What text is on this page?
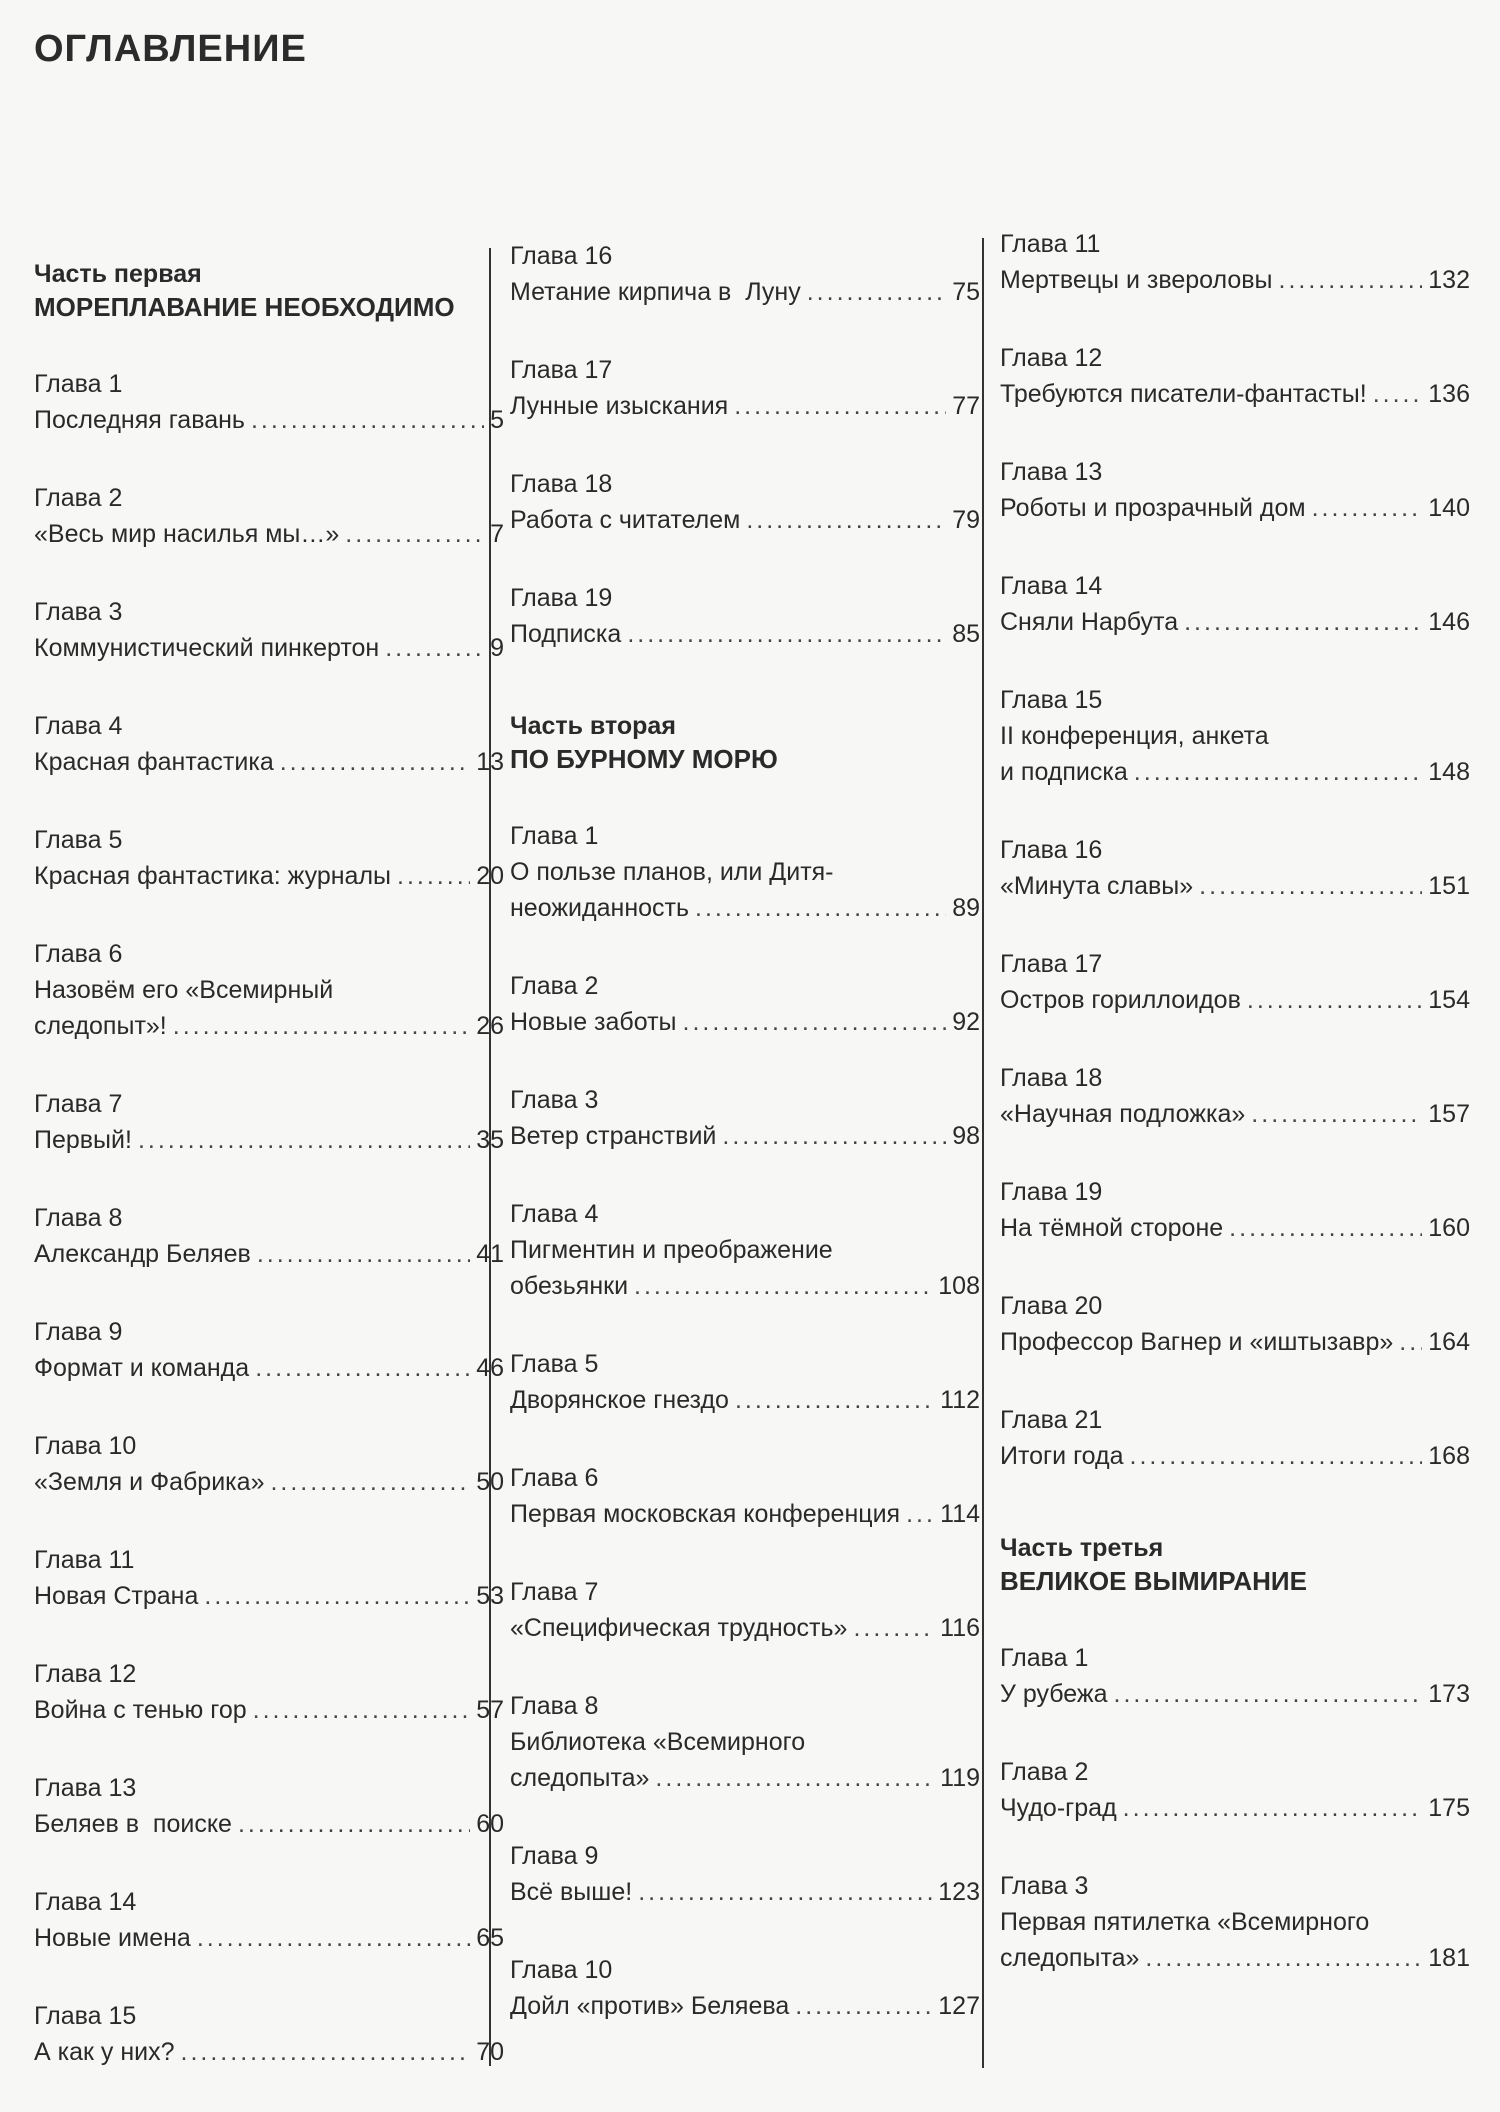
ОГЛАВЛЕНИЕ
Часть первая
МОРЕПЛАВАНИЕ НЕОБХОДИМО
Глава 1
Последняя гавань .....	5
Глава 2
«Весь мир насилья мы…» .....	7
Глава 3
Коммунистический пинкертон .....	9
Глава 4
Красная фантастика .....	13
Глава 5
Красная фантастика: журналы .....	20
Глава 6
Назовём его «Всемирный
следопыт»! .....	26
Глава 7
Первый! .....	35
Глава 8
Александр Беляев .....	41
Глава 9
Формат и команда .....	46
Глава 10
«Земля и Фабрика» .....	50
Глава 11
Новая Страна .....	53
Глава 12
Война с тенью гор .....	57
Глава 13
Беляев в  поиске .....	60
Глава 14
Новые имена .....	65
Глава 15
А как у них? .....	70
Глава 16
Метание кирпича в  Луну .....	75
Глава 17
Лунные изыскания .....	77
Глава 18
Работа с читателем .....	79
Глава 19
Подписка .....	85
Часть вторая
ПО БУРНОМУ МОРЮ
Глава 1
О пользе планов, или Дитя-
неожиданность .....	89
Глава 2
Новые заботы .....	92
Глава 3
Ветер странствий .....	98
Глава 4
Пигментин и преображение
обезьянки .....	108
Глава 5
Дворянское гнездо .....	112
Глава 6
Первая московская конференция ..... 114
Глава 7
«Специфическая трудность» .....	116
Глава 8
Библиотека «Всемирного
следопыта» .....	119
Глава 9
Всё выше! .....	123
Глава 10
Дойл «против» Беляева .....	127
Глава 11
Мертвецы и звероловы .....	132
Глава 12
Требуются писатели-фантасты! ..... 136
Глава 13
Роботы и прозрачный дом .....	140
Глава 14
Сняли Нарбута .....	146
Глава 15
II конференция, анкета
и подписка .....	148
Глава 16
«Минута славы» .....	151
Глава 17
Остров гориллоидов .....	154
Глава 18
«Научная подложка» .....	157
Глава 19
На тёмной стороне .....	160
Глава 20
Профессор Вагнер и «иштызавр» ..... 164
Глава 21
Итоги года .....	168
Часть третья
ВЕЛИКОЕ ВЫМИРАНИЕ
Глава 1
У рубежа .....	173
Глава 2
Чудо-град .....	175
Глава 3
Первая пятилетка «Всемирного
следопыта» .....	181
